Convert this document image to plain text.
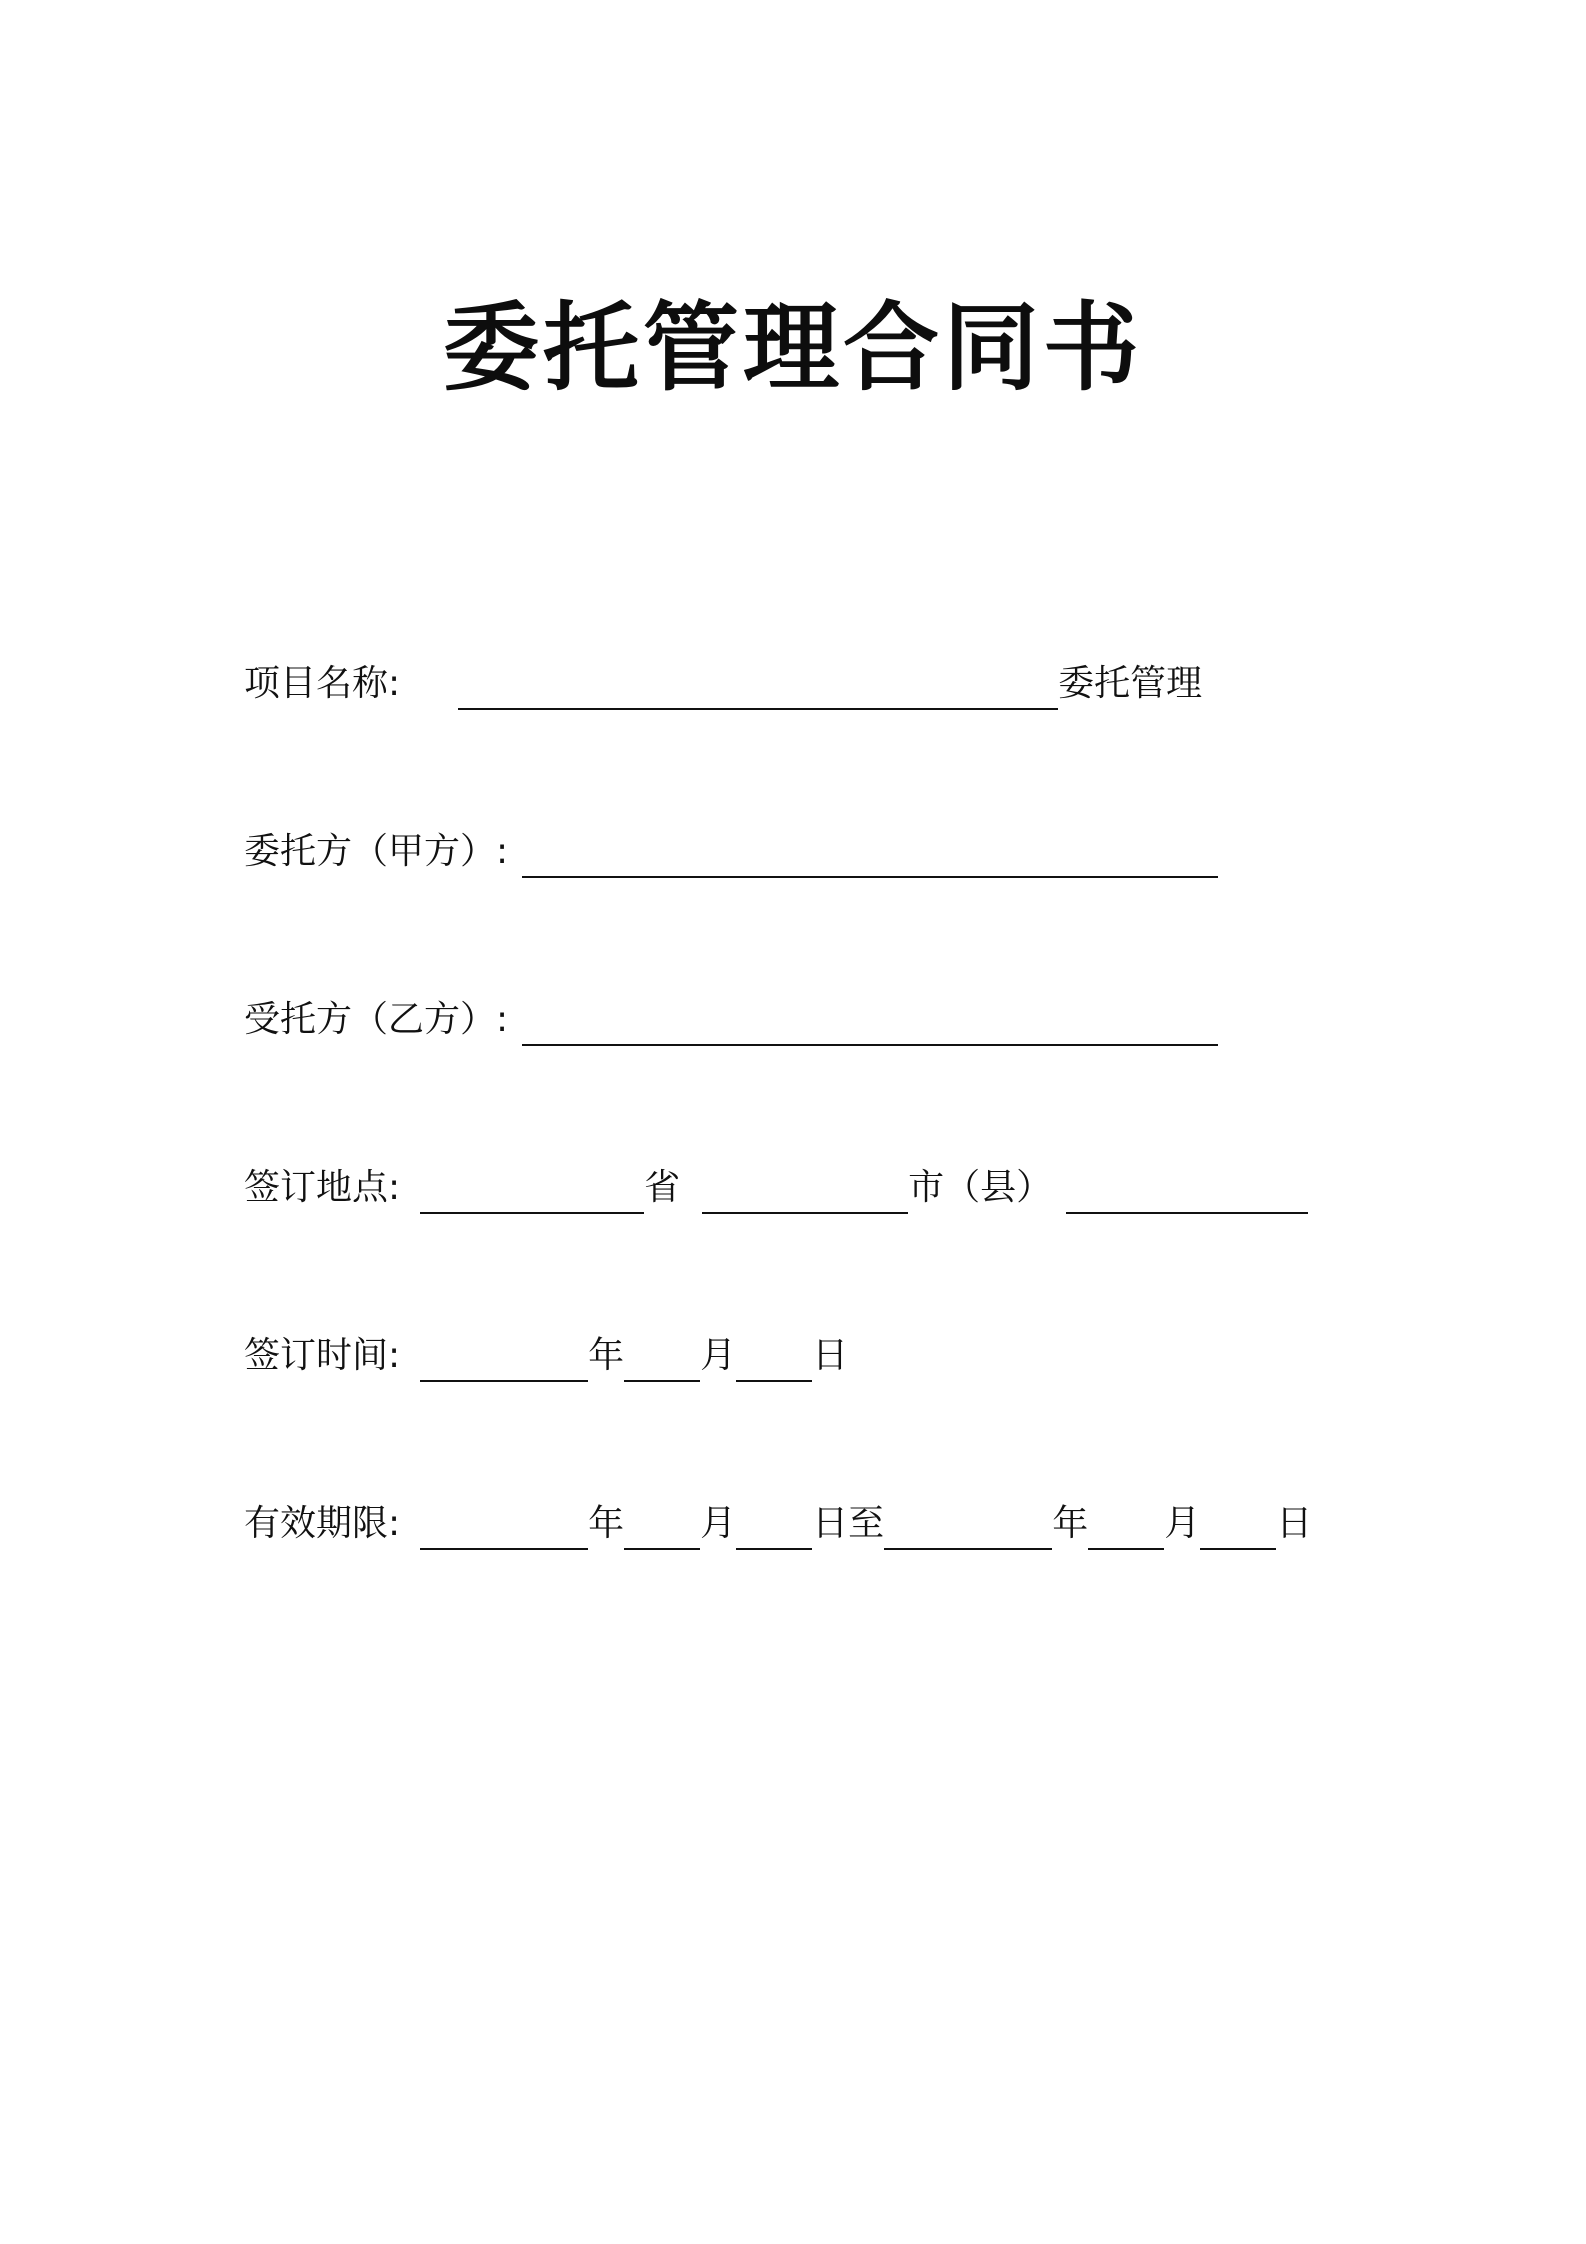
委托管理合同书
项目名称:	委托管理
委托方（甲方）:
受托方（乙方）:
签订地点:	省	市（县）
签订时间:	年 月 日
有效期限:	年 月 日至	年 月 日
